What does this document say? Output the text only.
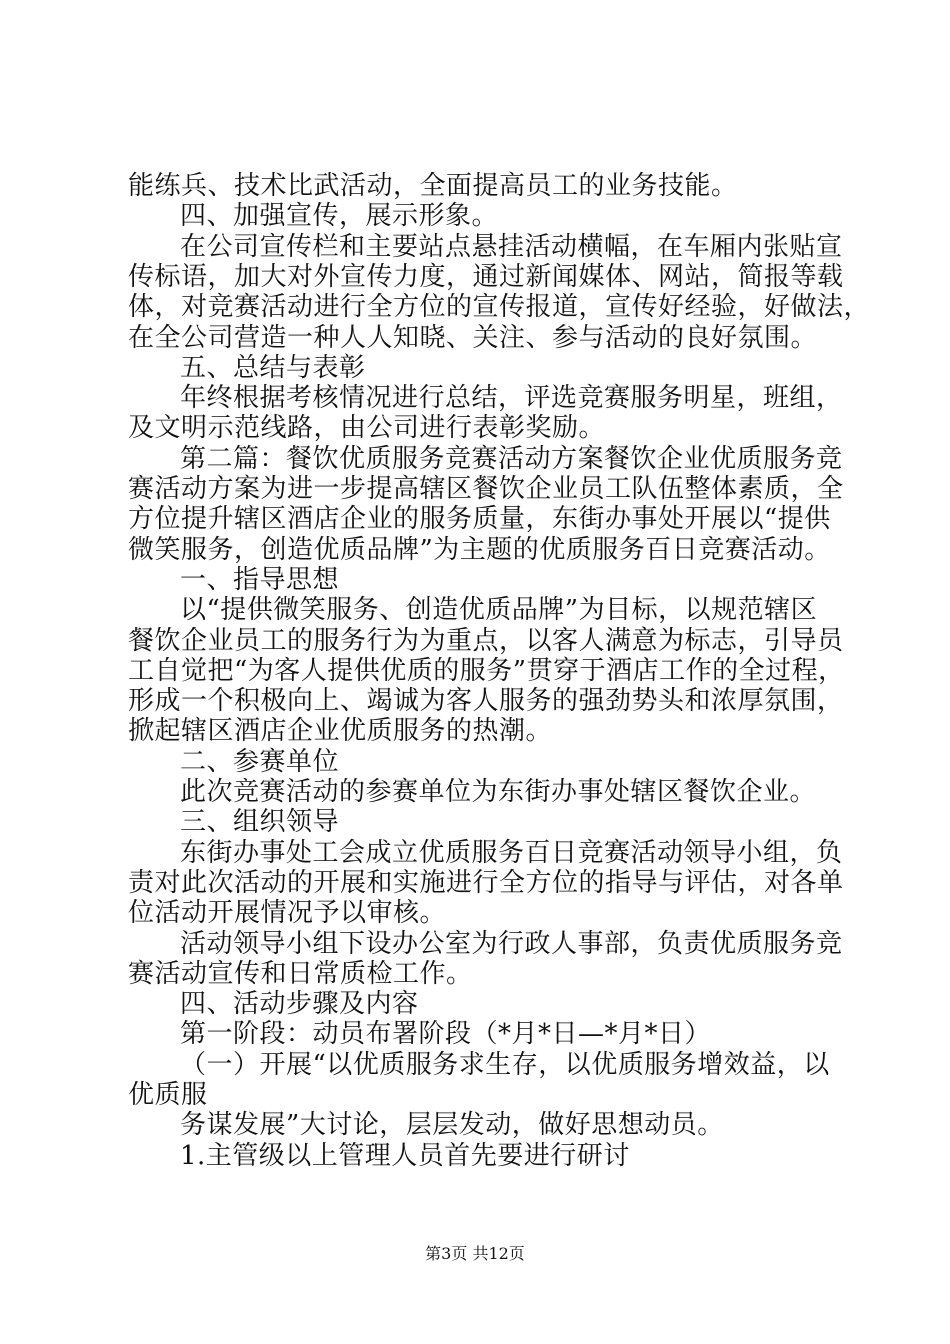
能练兵、技术比武活动，全面提高员工的业务技能。
四、加强宣传，展示形象。
在公司宣传栏和主要站点悬挂活动横幅，在车厢内张贴宣
传标语，加大对外宣传力度，通过新闻媒体、网站，简报等载
体，对竞赛活动进行全方位的宣传报道，宣传好经验，好做法，
在全公司营造一种人人知晓、关注、参与活动的良好氛围。
五、总结与表彰
年终根据考核情况进行总结，评选竞赛服务明星，班组，
及文明示范线路，由公司进行表彰奖励。
第二篇：餐饮优质服务竞赛活动方案餐饮企业优质服务竞
赛活动方案为进一步提高辖区餐饮企业员工队伍整体素质，全
方位提升辖区酒店企业的服务质量，东街办事处开展以“提供
微笑服务，创造优质品牌”为主题的优质服务百日竞赛活动。
一、指导思想
以“提供微笑服务、创造优质品牌”为目标，以规范辖区
餐饮企业员工的服务行为为重点，以客人满意为标志，引导员
工自觉把“为客人提供优质的服务”贯穿于酒店工作的全过程，
形成一个积极向上、竭诚为客人服务的强劲势头和浓厚氛围，
掀起辖区酒店企业优质服务的热潮。
二、参赛单位
此次竞赛活动的参赛单位为东街办事处辖区餐饮企业。
三、组织领导
东街办事处工会成立优质服务百日竞赛活动领导小组，负
责对此次活动的开展和实施进行全方位的指导与评估，对各单
位活动开展情况予以审核。
活动领导小组下设办公室为行政人事部，负责优质服务竞
赛活动宣传和日常质检工作。
四、活动步骤及内容
第一阶段：动员布署阶段（*月*日—*月*日）
（一）开展“以优质服务求生存，以优质服务增效益，以
优质服
务谋发展”大讨论，层层发动，做好思想动员。
1.主管级以上管理人员首先要进行研讨
第3页 共12页
